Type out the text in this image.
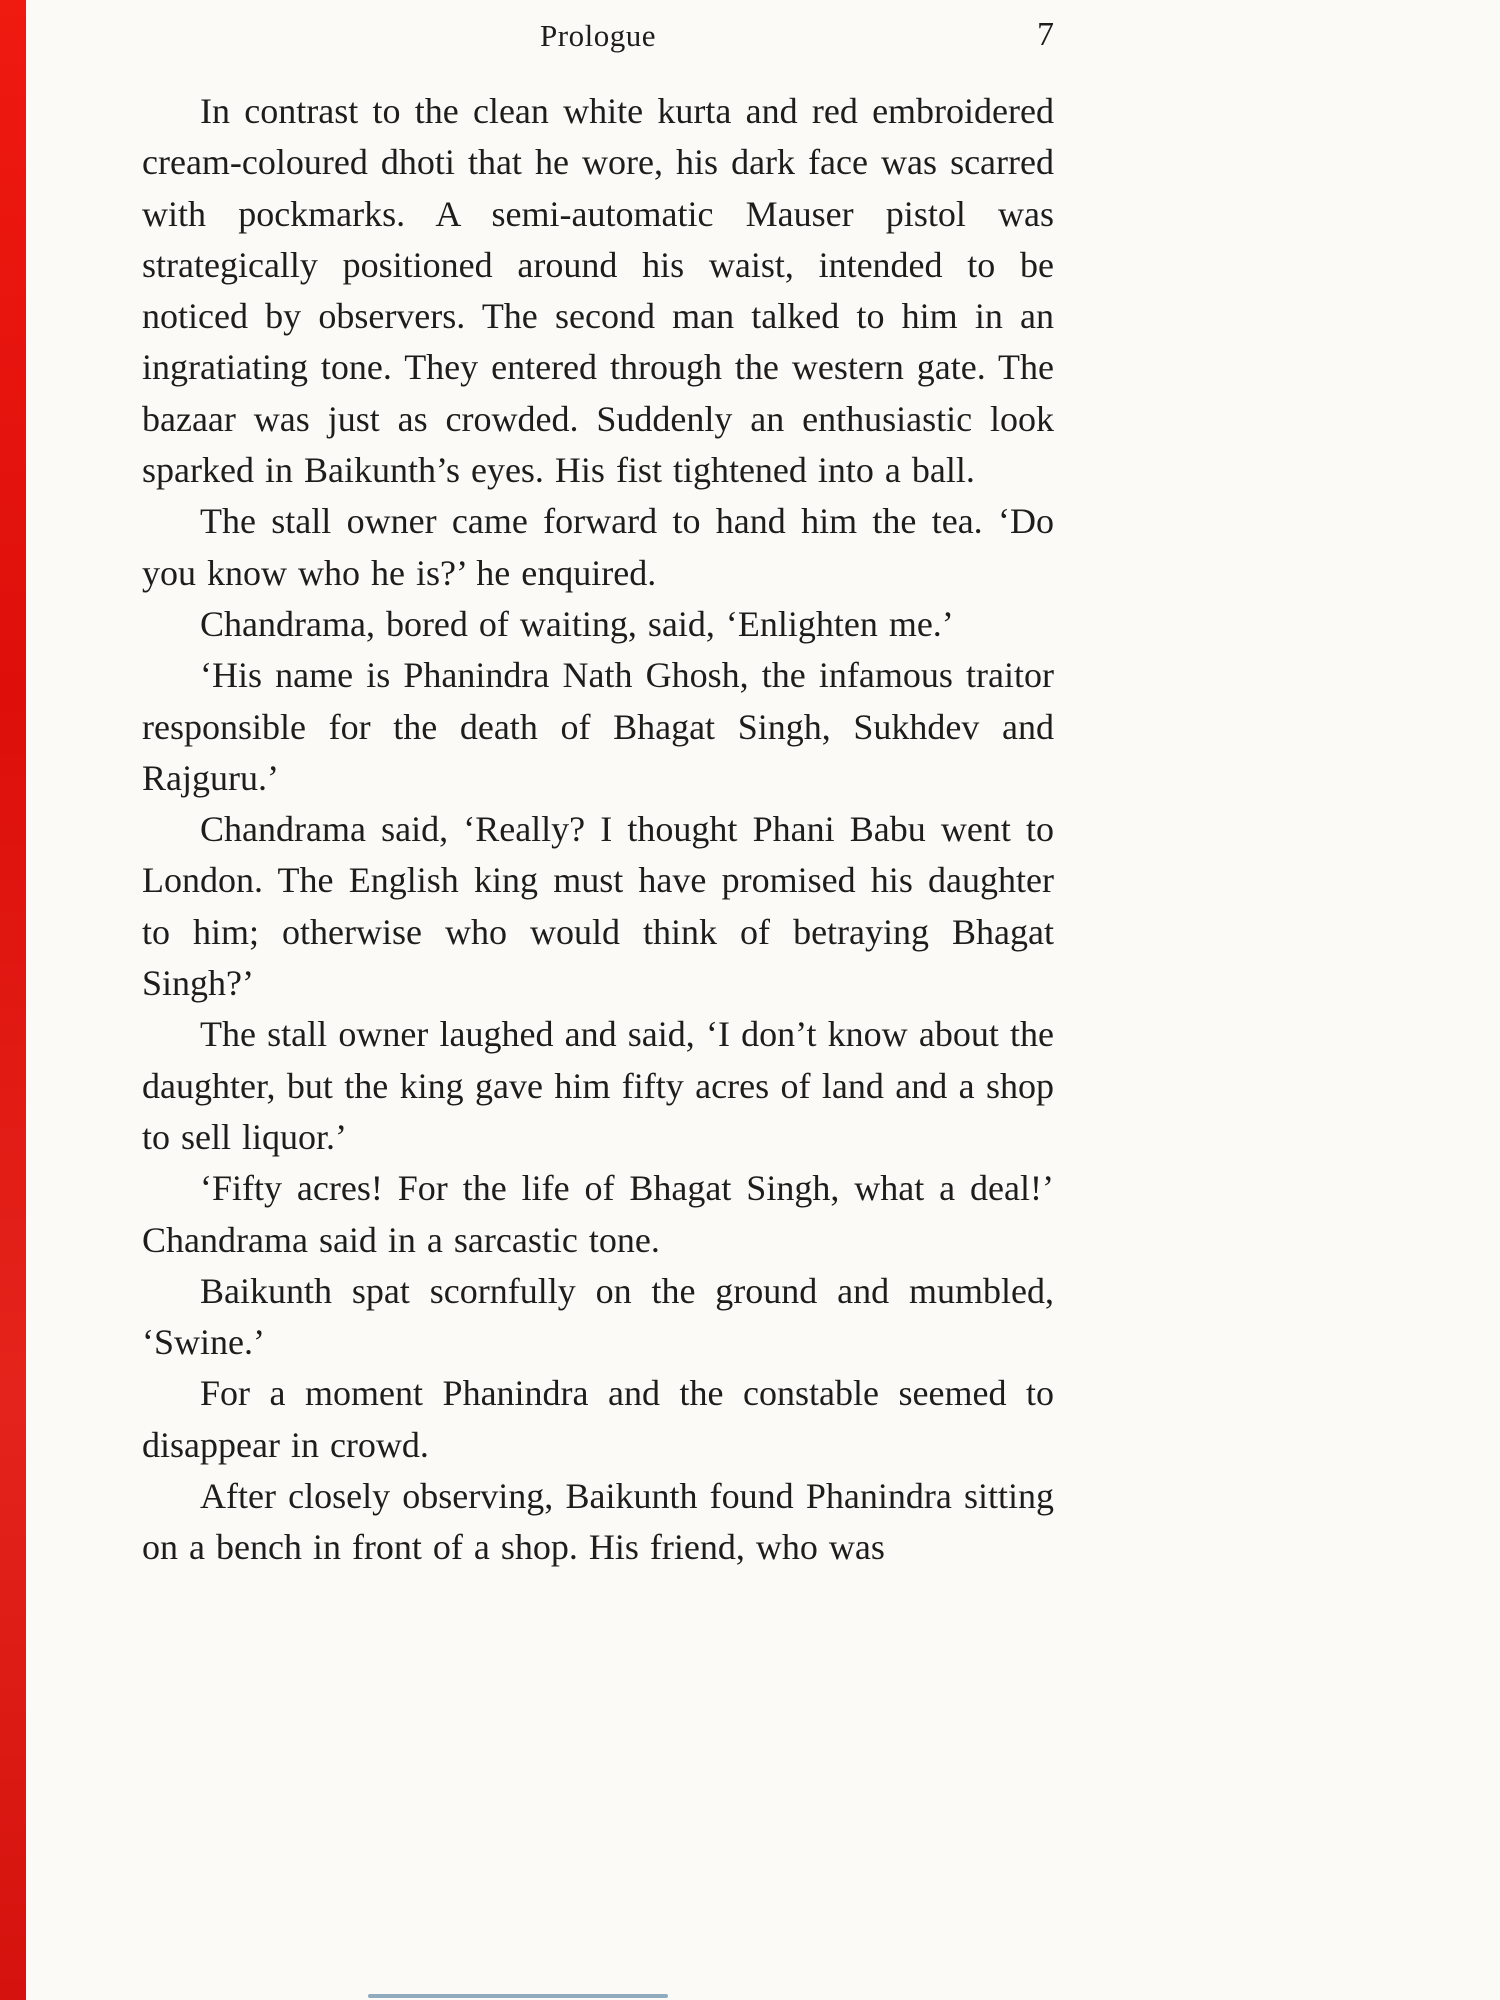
Prologue	7

In contrast to the clean white kurta and red embroidered cream-coloured dhoti that he wore, his dark face was scarred with pockmarks. A semi-automatic Mauser pistol was strategically positioned around his waist, intended to be noticed by observers. The second man talked to him in an ingratiating tone. They entered through the western gate. The bazaar was just as crowded. Suddenly an enthusiastic look sparked in Baikunth’s eyes. His fist tightened into a ball.

The stall owner came forward to hand him the tea. ‘Do you know who he is?’ he enquired.

Chandrama, bored of waiting, said, ‘Enlighten me.’

‘His name is Phanindra Nath Ghosh, the infamous traitor responsible for the death of Bhagat Singh, Sukhdev and Rajguru.’

Chandrama said, ‘Really? I thought Phani Babu went to London. The English king must have promised his daughter to him; otherwise who would think of betraying Bhagat Singh?’

The stall owner laughed and said, ‘I don’t know about the daughter, but the king gave him fifty acres of land and a shop to sell liquor.’

‘Fifty acres! For the life of Bhagat Singh, what a deal!’ Chandrama said in a sarcastic tone.

Baikunth spat scornfully on the ground and mumbled, ‘Swine.’

For a moment Phanindra and the constable seemed to disappear in crowd.

After closely observing, Baikunth found Phanindra sitting on a bench in front of a shop. His friend, who was
